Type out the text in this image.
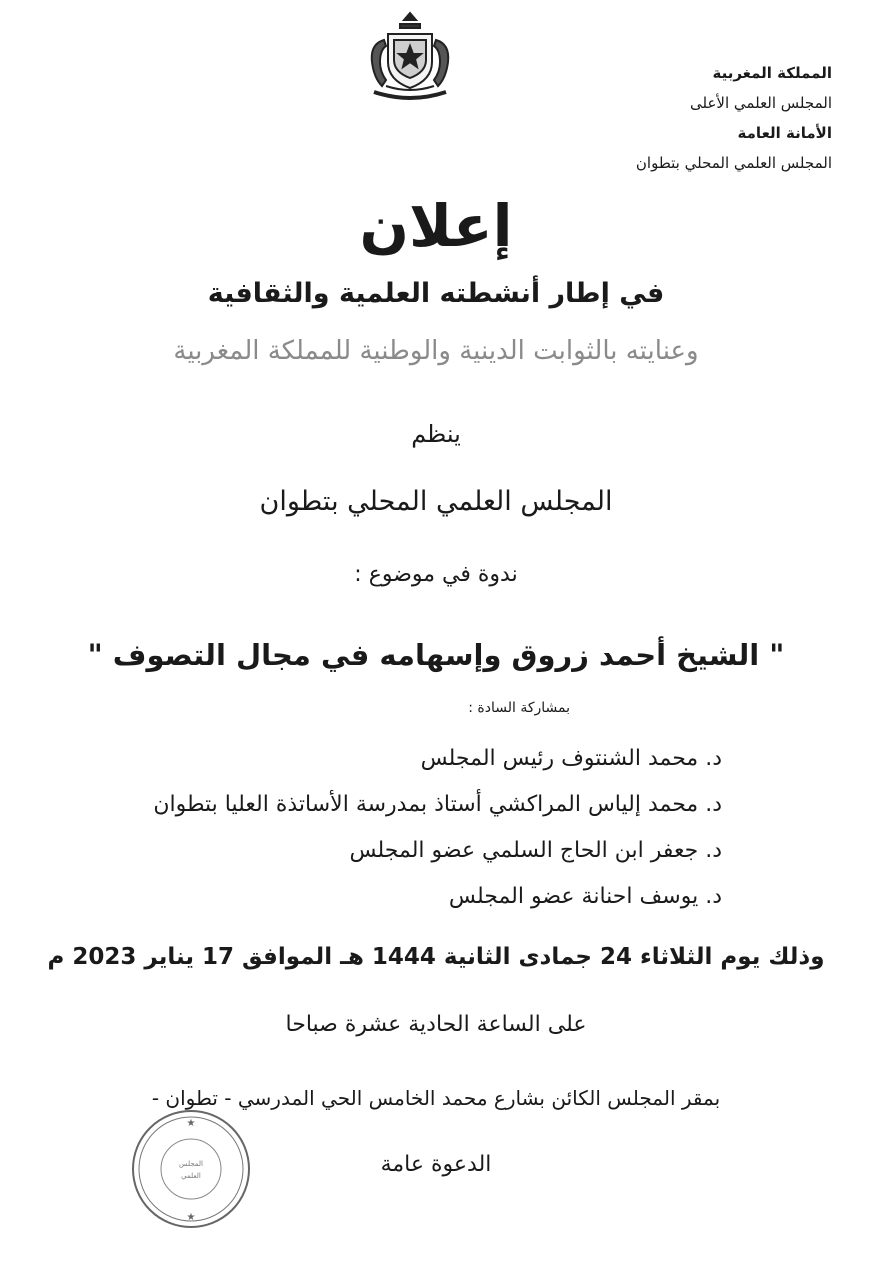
المملكة المغربية
المجلس العلمي الأعلى
الأمانة العامة
المجلس العلمي المحلي بتطوان
إعلان
في إطار أنشطته العلمية والثقافية
وعنايته بالثوابت الدينية والوطنية للمملكة المغربية
ينظم
المجلس العلمي المحلي بتطوان
ندوة في موضوع :
" الشيخ أحمد زروق وإسهامه في مجال التصوف "
بمشاركة السادة :
د. محمد الشنتوف رئيس المجلس
د. محمد إلياس المراكشي أستاذ بمدرسة الأساتذة العليا بتطوان
د. جعفر ابن الحاج السلمي عضو المجلس
د. يوسف احنانة عضو المجلس
وذلك يوم الثلاثاء 24 جمادى الثانية 1444 هـ الموافق 17 يناير 2023 م
على الساعة الحادية عشرة صباحا
بمقر المجلس الكائن بشارع محمد الخامس الحي المدرسي - تطوان -
الدعوة عامة
★
★
المجلس
العلمي
